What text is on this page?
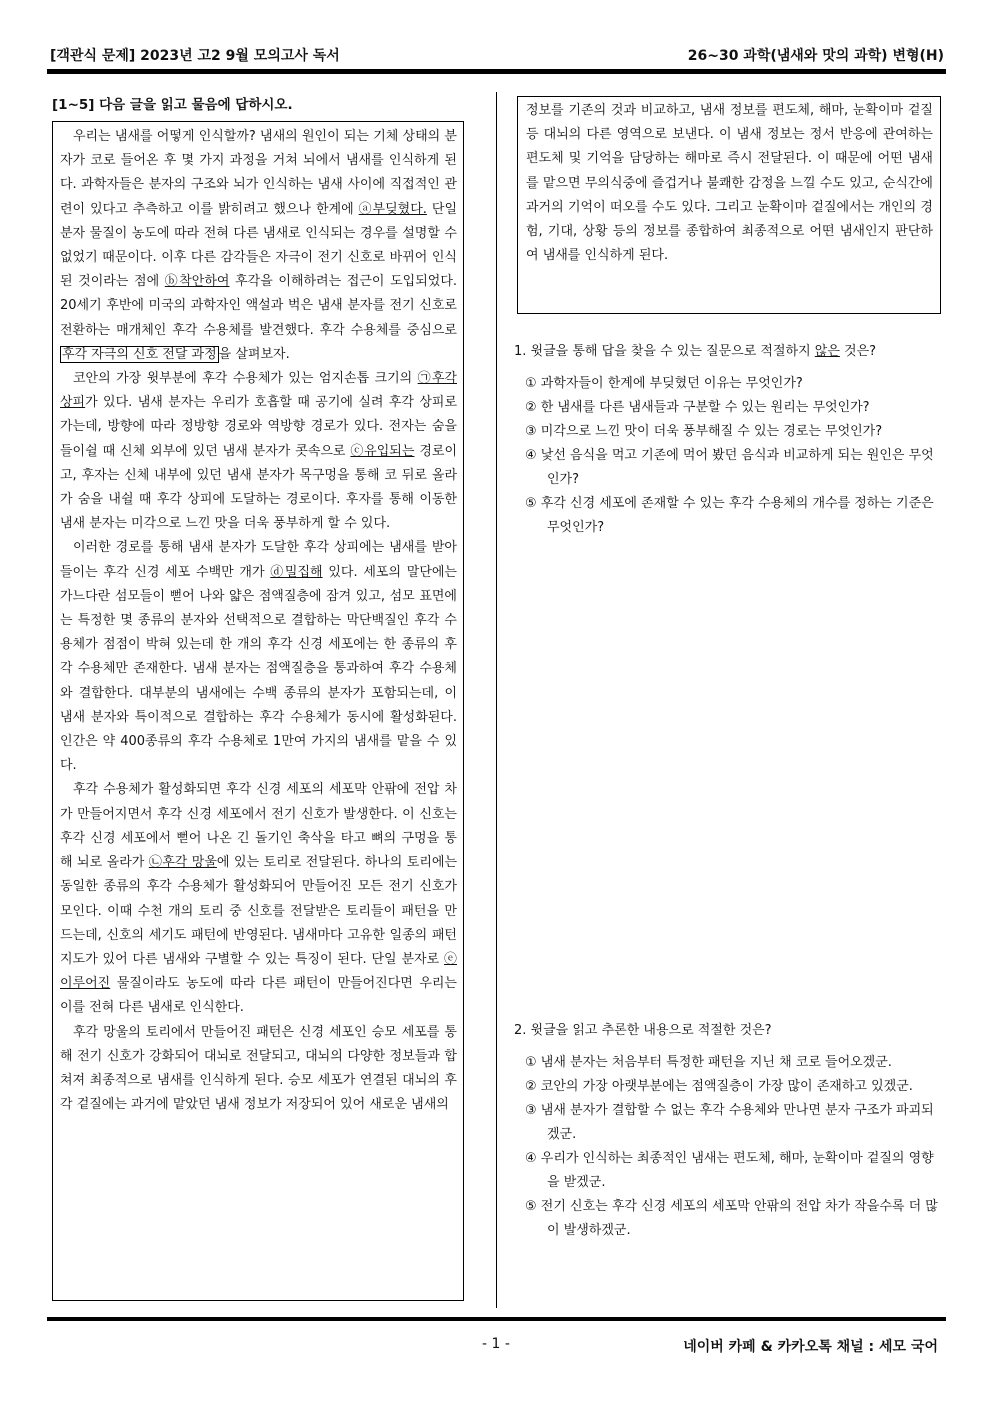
[객관식 문제] 2023년 고2 9월 모의고사 독서	26~30 과학(냄새와 맛의 과학) 변형(H)
[1~5] 다음 글을 읽고 물음에 답하시오.

우리는 냄새를 어떻게 인식할까? 냄새의 원인이 되는 기체 상태의 분자가 코로 들어온 후 몇 가지 과정을 거쳐 뇌에서 냄새를 인식하게 된다. 과학자들은 분자의 구조와 뇌가 인식하는 냄새 사이에 직접적인 관련이 있다고 추측하고 이를 밝히려고 했으나 한계에 ⓐ부딪혔다. 단일 분자 물질이 농도에 따라 전혀 다른 냄새로 인식되는 경우를 설명할 수 없었기 때문이다. 이후 다른 감각들은 자극이 전기 신호로 바뀌어 인식된 것이라는 점에 ⓑ착안하여 후각을 이해하려는 접근이 도입되었다. 20세기 후반에 미국의 과학자인 액설과 벅은 냄새 분자를 전기 신호로 전환하는 매개체인 후각 수용체를 발견했다. 후각 수용체를 중심으로 후각 자극의 신호 전달 과정 을 살펴보자.

코안의 가장 윗부분에 후각 수용체가 있는 엄지손톱 크기의 ㉠후각 상피가 있다. 냄새 분자는 우리가 호흡할 때 공기에 실려 후각 상피로 가는데, 방향에 따라 정방향 경로와 역방향 경로가 있다. 전자는 숨을 들이쉴 때 신체 외부에 있던 냄새 분자가 콧속으로 ⓒ유입되는 경로이고, 후자는 신체 내부에 있던 냄새 분자가 목구멍을 통해 코 뒤로 올라가 숨을 내쉴 때 후각 상피에 도달하는 경로이다. 후자를 통해 이동한 냄새 분자는 미각으로 느낀 맛을 더욱 풍부하게 할 수 있다.

이러한 경로를 통해 냄새 분자가 도달한 후각 상피에는 냄새를 받아들이는 후각 신경 세포 수백만 개가 ⓓ밀집해 있다. 세포의 말단에는 가느다란 섬모들이 뻗어 나와 얇은 점액질층에 잠겨 있고, 섬모 표면에는 특정한 몇 종류의 분자와 선택적으로 결합하는 막단백질인 후각 수용체가 점점이 박혀 있는데 한 개의 후각 신경 세포에는 한 종류의 후각 수용체만 존재한다. 냄새 분자는 점액질층을 통과하여 후각 수용체와 결합한다. 대부분의 냄새에는 수백 종류의 분자가 포함되는데, 이 냄새 분자와 특이적으로 결합하는 후각 수용체가 동시에 활성화된다. 인간은 약 400종류의 후각 수용체로 1만여 가지의 냄새를 맡을 수 있다.

후각 수용체가 활성화되면 후각 신경 세포의 세포막 안팎에 전압 차가 만들어지면서 후각 신경 세포에서 전기 신호가 발생한다. 이 신호는 후각 신경 세포에서 뻗어 나온 긴 돌기인 축삭을 타고 뼈의 구멍을 통해 뇌로 올라가 ㉡후각 망울에 있는 토리로 전달된다. 하나의 토리에는 동일한 종류의 후각 수용체가 활성화되어 만들어진 모든 전기 신호가 모인다. 이때 수천 개의 토리 중 신호를 전달받은 토리들이 패턴을 만드는데, 신호의 세기도 패턴에 반영된다. 냄새마다 고유한 일종의 패턴 지도가 있어 다른 냄새와 구별할 수 있는 특징이 된다. 단일 분자로 ⓔ이루어진 물질이라도 농도에 따라 다른 패턴이 만들어진다면 우리는 이를 전혀 다른 냄새로 인식한다.

후각 망울의 토리에서 만들어진 패턴은 신경 세포인 승모 세포를 통해 전기 신호가 강화되어 대뇌로 전달되고, 대뇌의 다양한 정보들과 합쳐져 최종적으로 냄새를 인식하게 된다. 승모 세포가 연결된 대뇌의 후각 겉질에는 과거에 맡았던 냄새 정보가 저장되어 있어 새로운 냄새의

정보를 기존의 것과 비교하고, 냄새 정보를 편도체, 해마, 눈확이마 겉질 등 대뇌의 다른 영역으로 보낸다. 이 냄새 정보는 정서 반응에 관여하는 편도체 및 기억을 담당하는 해마로 즉시 전달된다. 이 때문에 어떤 냄새를 맡으면 무의식중에 즐겁거나 불쾌한 감정을 느낄 수도 있고, 순식간에 과거의 기억이 떠오를 수도 있다. 그리고 눈확이마 겉질에서는 개인의 경험, 기대, 상황 등의 정보를 종합하여 최종적으로 어떤 냄새인지 판단하여 냄새를 인식하게 된다.

1. 윗글을 통해 답을 찾을 수 있는 질문으로 적절하지 않은 것은?
① 과학자들이 한계에 부딪혔던 이유는 무엇인가?
② 한 냄새를 다른 냄새들과 구분할 수 있는 원리는 무엇인가?
③ 미각으로 느낀 맛이 더욱 풍부해질 수 있는 경로는 무엇인가?
④ 낯선 음식을 먹고 기존에 먹어 봤던 음식과 비교하게 되는 원인은 무엇인가?
⑤ 후각 신경 세포에 존재할 수 있는 후각 수용체의 개수를 정하는 기준은 무엇인가?
2. 윗글을 읽고 추론한 내용으로 적절한 것은?
① 냄새 분자는 처음부터 특정한 패턴을 지닌 채 코로 들어오겠군.
② 코안의 가장 아랫부분에는 점액질층이 가장 많이 존재하고 있겠군.
③ 냄새 분자가 결합할 수 없는 후각 수용체와 만나면 분자 구조가 파괴되겠군.
④ 우리가 인식하는 최종적인 냄새는 편도체, 해마, 눈확이마 겉질의 영향을 받겠군.
⑤ 전기 신호는 후각 신경 세포의 세포막 안팎의 전압 차가 작을수록 더 많이 발생하겠군.
- 1 -	네이버 카페 & 카카오톡 채널 : 세모 국어
